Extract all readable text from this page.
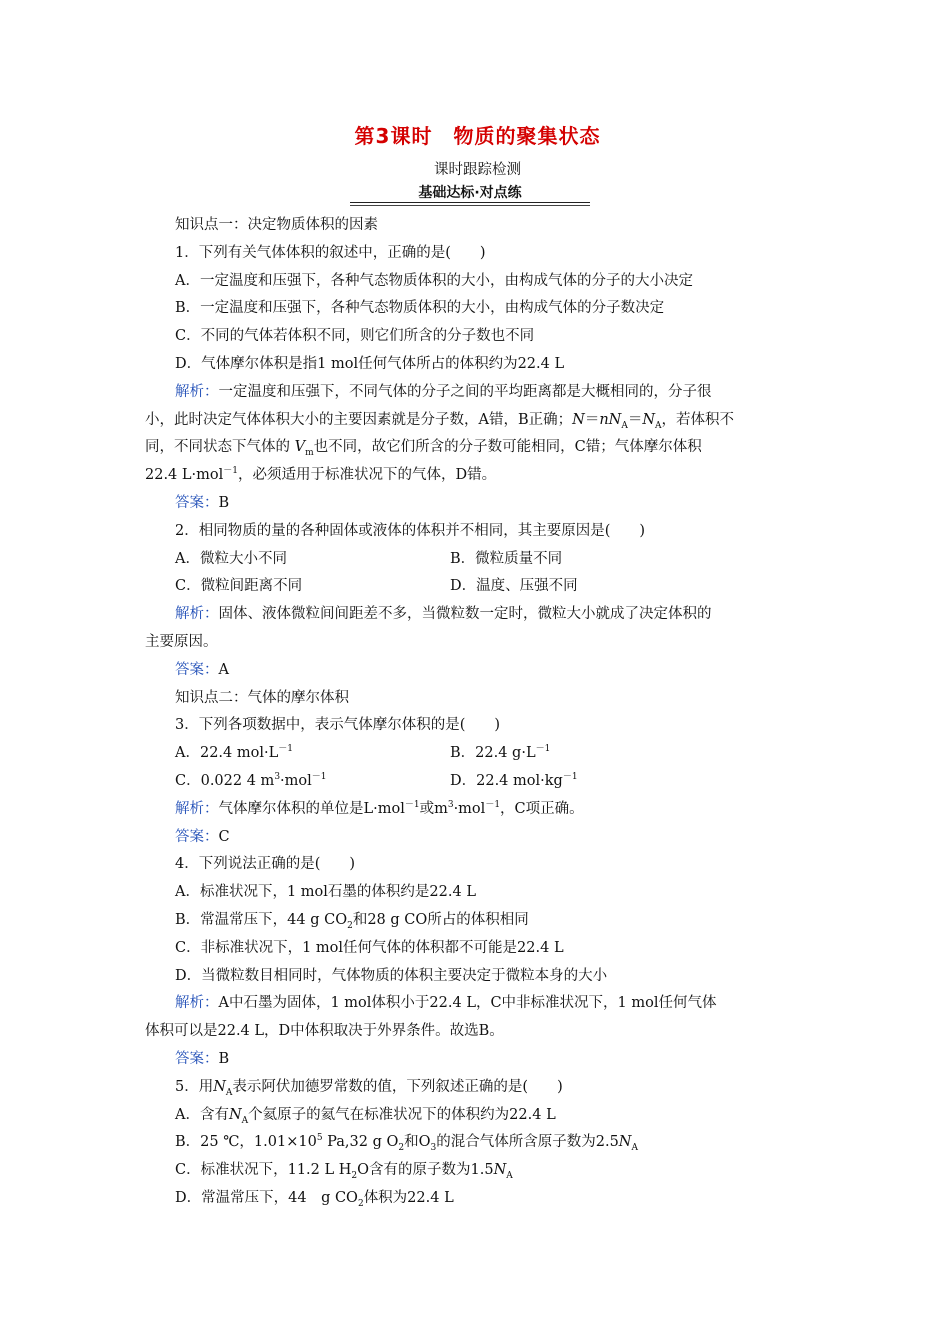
第3课时　物质的聚集状态
课时跟踪检测
基础达标·对点练
知识点一：决定物质体积的因素
1．下列有关气体体积的叙述中，正确的是(　　)
A．一定温度和压强下，各种气态物质体积的大小，由构成气体的分子的大小决定
B．一定温度和压强下，各种气态物质体积的大小，由构成气体的分子数决定
C．不同的气体若体积不同，则它们所含的分子数也不同
D．气体摩尔体积是指1 mol任何气体所占的体积约为22.4 L
解析：一定温度和压强下，不同气体的分子之间的平均距离都是大概相同的，分子很
小，此时决定气体体积大小的主要因素就是分子数，A错，B正确；$N=nN_A=N_A$，若体积不
同，不同状态下气体的 $V_m$也不同，故它们所含的分子数可能相同，C错；气体摩尔体积
22.4 L·mol$^{-1}$，必须适用于标准状况下的气体，D错。
答案：B
2．相同物质的量的各种固体或液体的体积并不相同，其主要原因是(　　)
A．微粒大小不同	B．微粒质量不同
C．微粒间距离不同	D．温度、压强不同
解析：固体、液体微粒间间距差不多，当微粒数一定时，微粒大小就成了决定体积的
主要原因。
答案：A
知识点二：气体的摩尔体积
3．下列各项数据中，表示气体摩尔体积的是(　　)
A．22.4 $mol\cdot L^{-1}$	B．22.4 $g\cdot L^{-1}$
C．0.022 4 $m^3\cdot mol^{-1}$	D．22.4 $mol\cdot kg^{-1}$
解析：气体摩尔体积的单位是L·mol$^{-1}$或$m^3\cdot mol^{-1}$，C项正确。
答案：C
4．下列说法正确的是(　　)
A．标准状况下，1 mol石墨的体积约是22.4 L
B．常温常压下，44 g $CO_2$和28 g CO所占的体积相同
C．非标准状况下，1 mol任何气体的体积都不可能是22.4 L
D．当微粒数目相同时，气体物质的体积主要决定于微粒本身的大小
解析：A中石墨为固体，1 mol体积小于22.4 L，C中非标准状况下，1 mol任何气体
体积可以是22.4 L，D中体积取决于外界条件。故选B。
答案：B
5．用$N_A$表示阿伏加德罗常数的值，下列叙述正确的是(　　)
A．含有$N_A$个氦原子的氦气在标准状况下的体积约为22.4 L
B．25 ℃，$1.01\times 10^5$ Pa,32 g $O_2$和$O_3$的混合气体所含原子数为$2.5N_A$
C．标准状况下，11.2 L $H_2O$含有的原子数为$1.5N_A$
D．常温常压下，44　g $CO_2$体积为22.4 L
